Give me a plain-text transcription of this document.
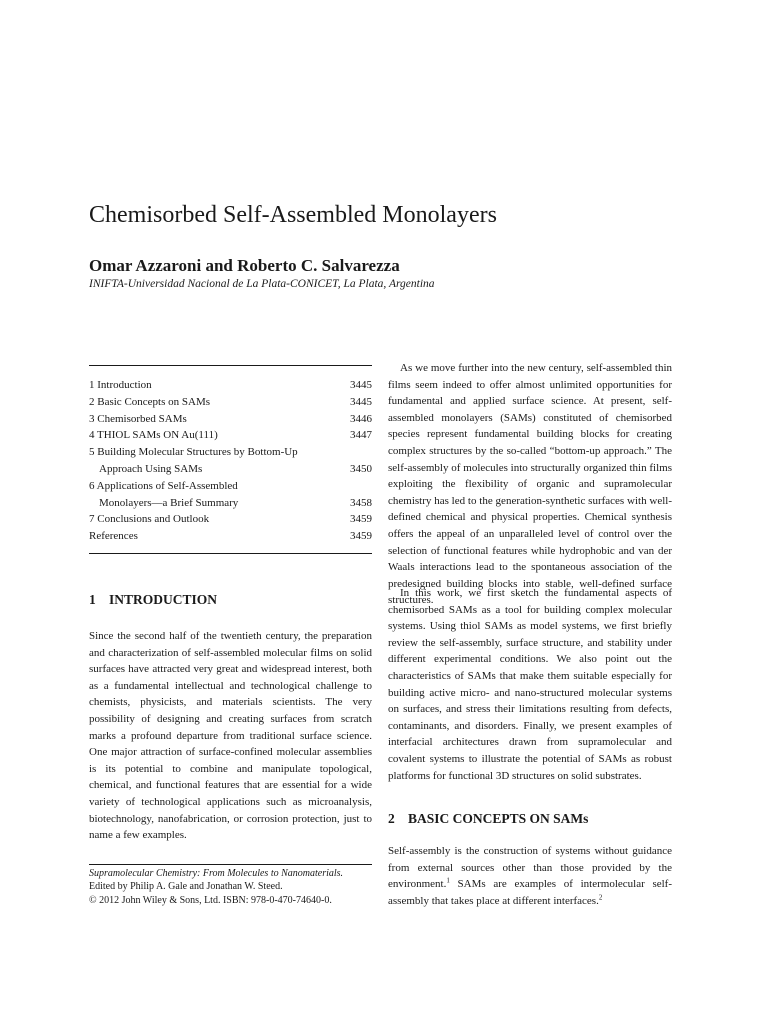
Chemisorbed Self-Assembled Monolayers
Omar Azzaroni and Roberto C. Salvarezza
INIFTA-Universidad Nacional de La Plata-CONICET, La Plata, Argentina
1 Introduction	3445
2 Basic Concepts on SAMs	3445
3 Chemisorbed SAMs	3446
4 THIOL SAMs ON Au(111)	3447
5 Building Molecular Structures by Bottom-Up
Approach Using SAMs	3450
6 Applications of Self-Assembled
Monolayers—a Brief Summary	3458
7 Conclusions and Outlook	3459
References	3459
1 INTRODUCTION

Since the second half of the twentieth century, the preparation and characterization of self-assembled molecular films on solid surfaces have attracted very great and widespread interest, both as a fundamental intellectual and technological challenge to chemists, physicists, and materials scientists. The very possibility of designing and creating surfaces from scratch marks a profound departure from traditional surface science. One major attraction of surface-confined molecular assemblies is its potential to combine and manipulate topological, chemical, and functional features that are essential for a wide variety of technological applications such as microanalysis, biotechnology, nanofabrication, or corrosion protection, just to name a few examples.

Supramolecular Chemistry: From Molecules to Nanomaterials.
Edited by Philip A. Gale and Jonathan W. Steed.
© 2012 John Wiley & Sons, Ltd. ISBN: 978-0-470-74640-0.

As we move further into the new century, self-assembled thin films seem indeed to offer almost unlimited opportunities for fundamental and applied surface science. At present, self-assembled monolayers (SAMs) constituted of chemisorbed species represent fundamental building blocks for creating complex structures by the so-called “bottom-up approach.” The self-assembly of molecules into structurally organized thin films exploiting the flexibility of organic and supramolecular chemistry has led to the generation-synthetic surfaces with well-defined chemical and physical properties. Chemical synthesis offers the appeal of an unparalleled level of control over the selection of functional features while hydrophobic and van der Waals interactions lead to the spontaneous association of the predesigned building blocks into stable, well-defined surface structures.

In this work, we first sketch the fundamental aspects of chemisorbed SAMs as a tool for building complex molecular systems. Using thiol SAMs as model systems, we first briefly review the self-assembly, surface structure, and stability under different experimental conditions. We also point out the characteristics of SAMs that make them suitable especially for building active micro- and nano-structured molecular systems on surfaces, and stress their limitations resulting from defects, contaminants, and disorders. Finally, we present examples of interfacial architectures drawn from supramolecular and covalent systems to illustrate the potential of SAMs as robust platforms for functional 3D structures on solid substrates.

2 BASIC CONCEPTS ON SAMs

Self-assembly is the construction of systems without guidance from external sources other than those provided by the environment.$^1$ SAMs are examples of intermolecular self-assembly that takes place at different interfaces.$^2$
